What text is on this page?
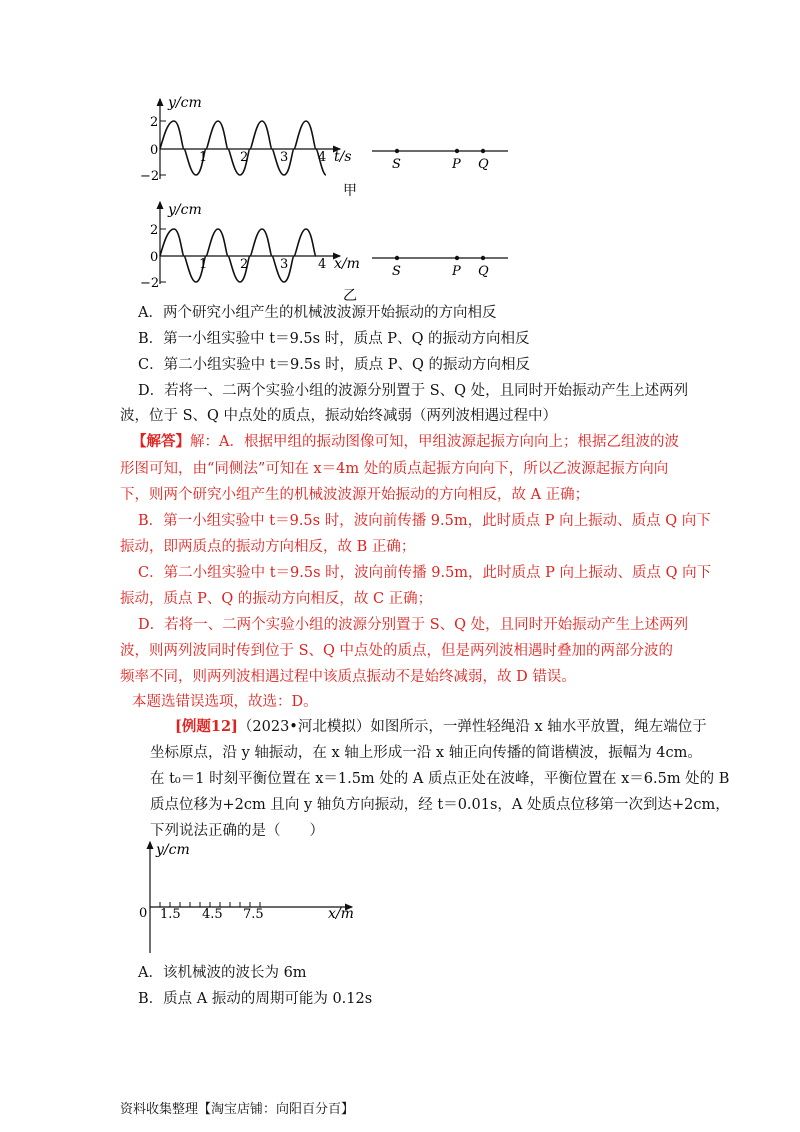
y/cm
2
0
−2
1	2 3 4 t/s
甲
S	P Q
y/cm
2
0
−2
1	2 3 4 x/m
乙
S	P Q
A．两个研究小组产生的机械波波源开始振动的方向相反
B．第一小组实验中 t＝9.5s 时，质点 P、Q 的振动方向相反
C．第二小组实验中 t＝9.5s 时，质点 P、Q 的振动方向相反
D．若将一、二两个实验小组的波源分别置于 S、Q 处，且同时开始振动产生上述两列
波，位于 S、Q 中点处的质点，振动始终减弱（两列波相遇过程中）
【解答】解：A．根据甲组的振动图像可知，甲组波源起振方向向上；根据乙组波的波
形图可知，由“同侧法”可知在 x＝4m 处的质点起振方向向下，所以乙波源起振方向向
下，则两个研究小组产生的机械波波源开始振动的方向相反，故 A 正确；
B．第一小组实验中 t＝9.5s 时，波向前传播 9.5m，此时质点 P 向上振动、质点 Q 向下
振动，即两质点的振动方向相反，故 B 正确；
C．第二小组实验中 t＝9.5s 时，波向前传播 9.5m，此时质点 P 向上振动、质点 Q 向下
振动，质点 P、Q 的振动方向相反，故 C 正确；
D．若将一、二两个实验小组的波源分别置于 S、Q 处，且同时开始振动产生上述两列
波，则两列波同时传到位于 S、Q 中点处的质点，但是两列波相遇时叠加的两部分波的
频率不同，则两列波相遇过程中该质点振动不是始终减弱，故 D 错误。
本题选错误选项，故选：D。
[例题12]（2023•河北模拟）如图所示，一弹性轻绳沿 x 轴水平放置，绳左端位于
坐标原点，沿 y 轴振动，在 x 轴上形成一沿 x 轴正向传播的简谐横波，振幅为 4cm。
在 t₀＝1 时刻平衡位置在 x＝1.5m 处的 A 质点正处在波峰，平衡位置在 x＝6.5m 处的 B
质点位移为+2cm 且向 y 轴负方向振动，经 t＝0.01s，A 处质点位移第一次到达+2cm，
下列说法正确的是（　　）
y/cm
0 1.5 4.5 7.5	x/m
A．该机械波的波长为 6m
B．质点 A 振动的周期可能为 0.12s
资料收集整理【淘宝店铺：向阳百分百】
